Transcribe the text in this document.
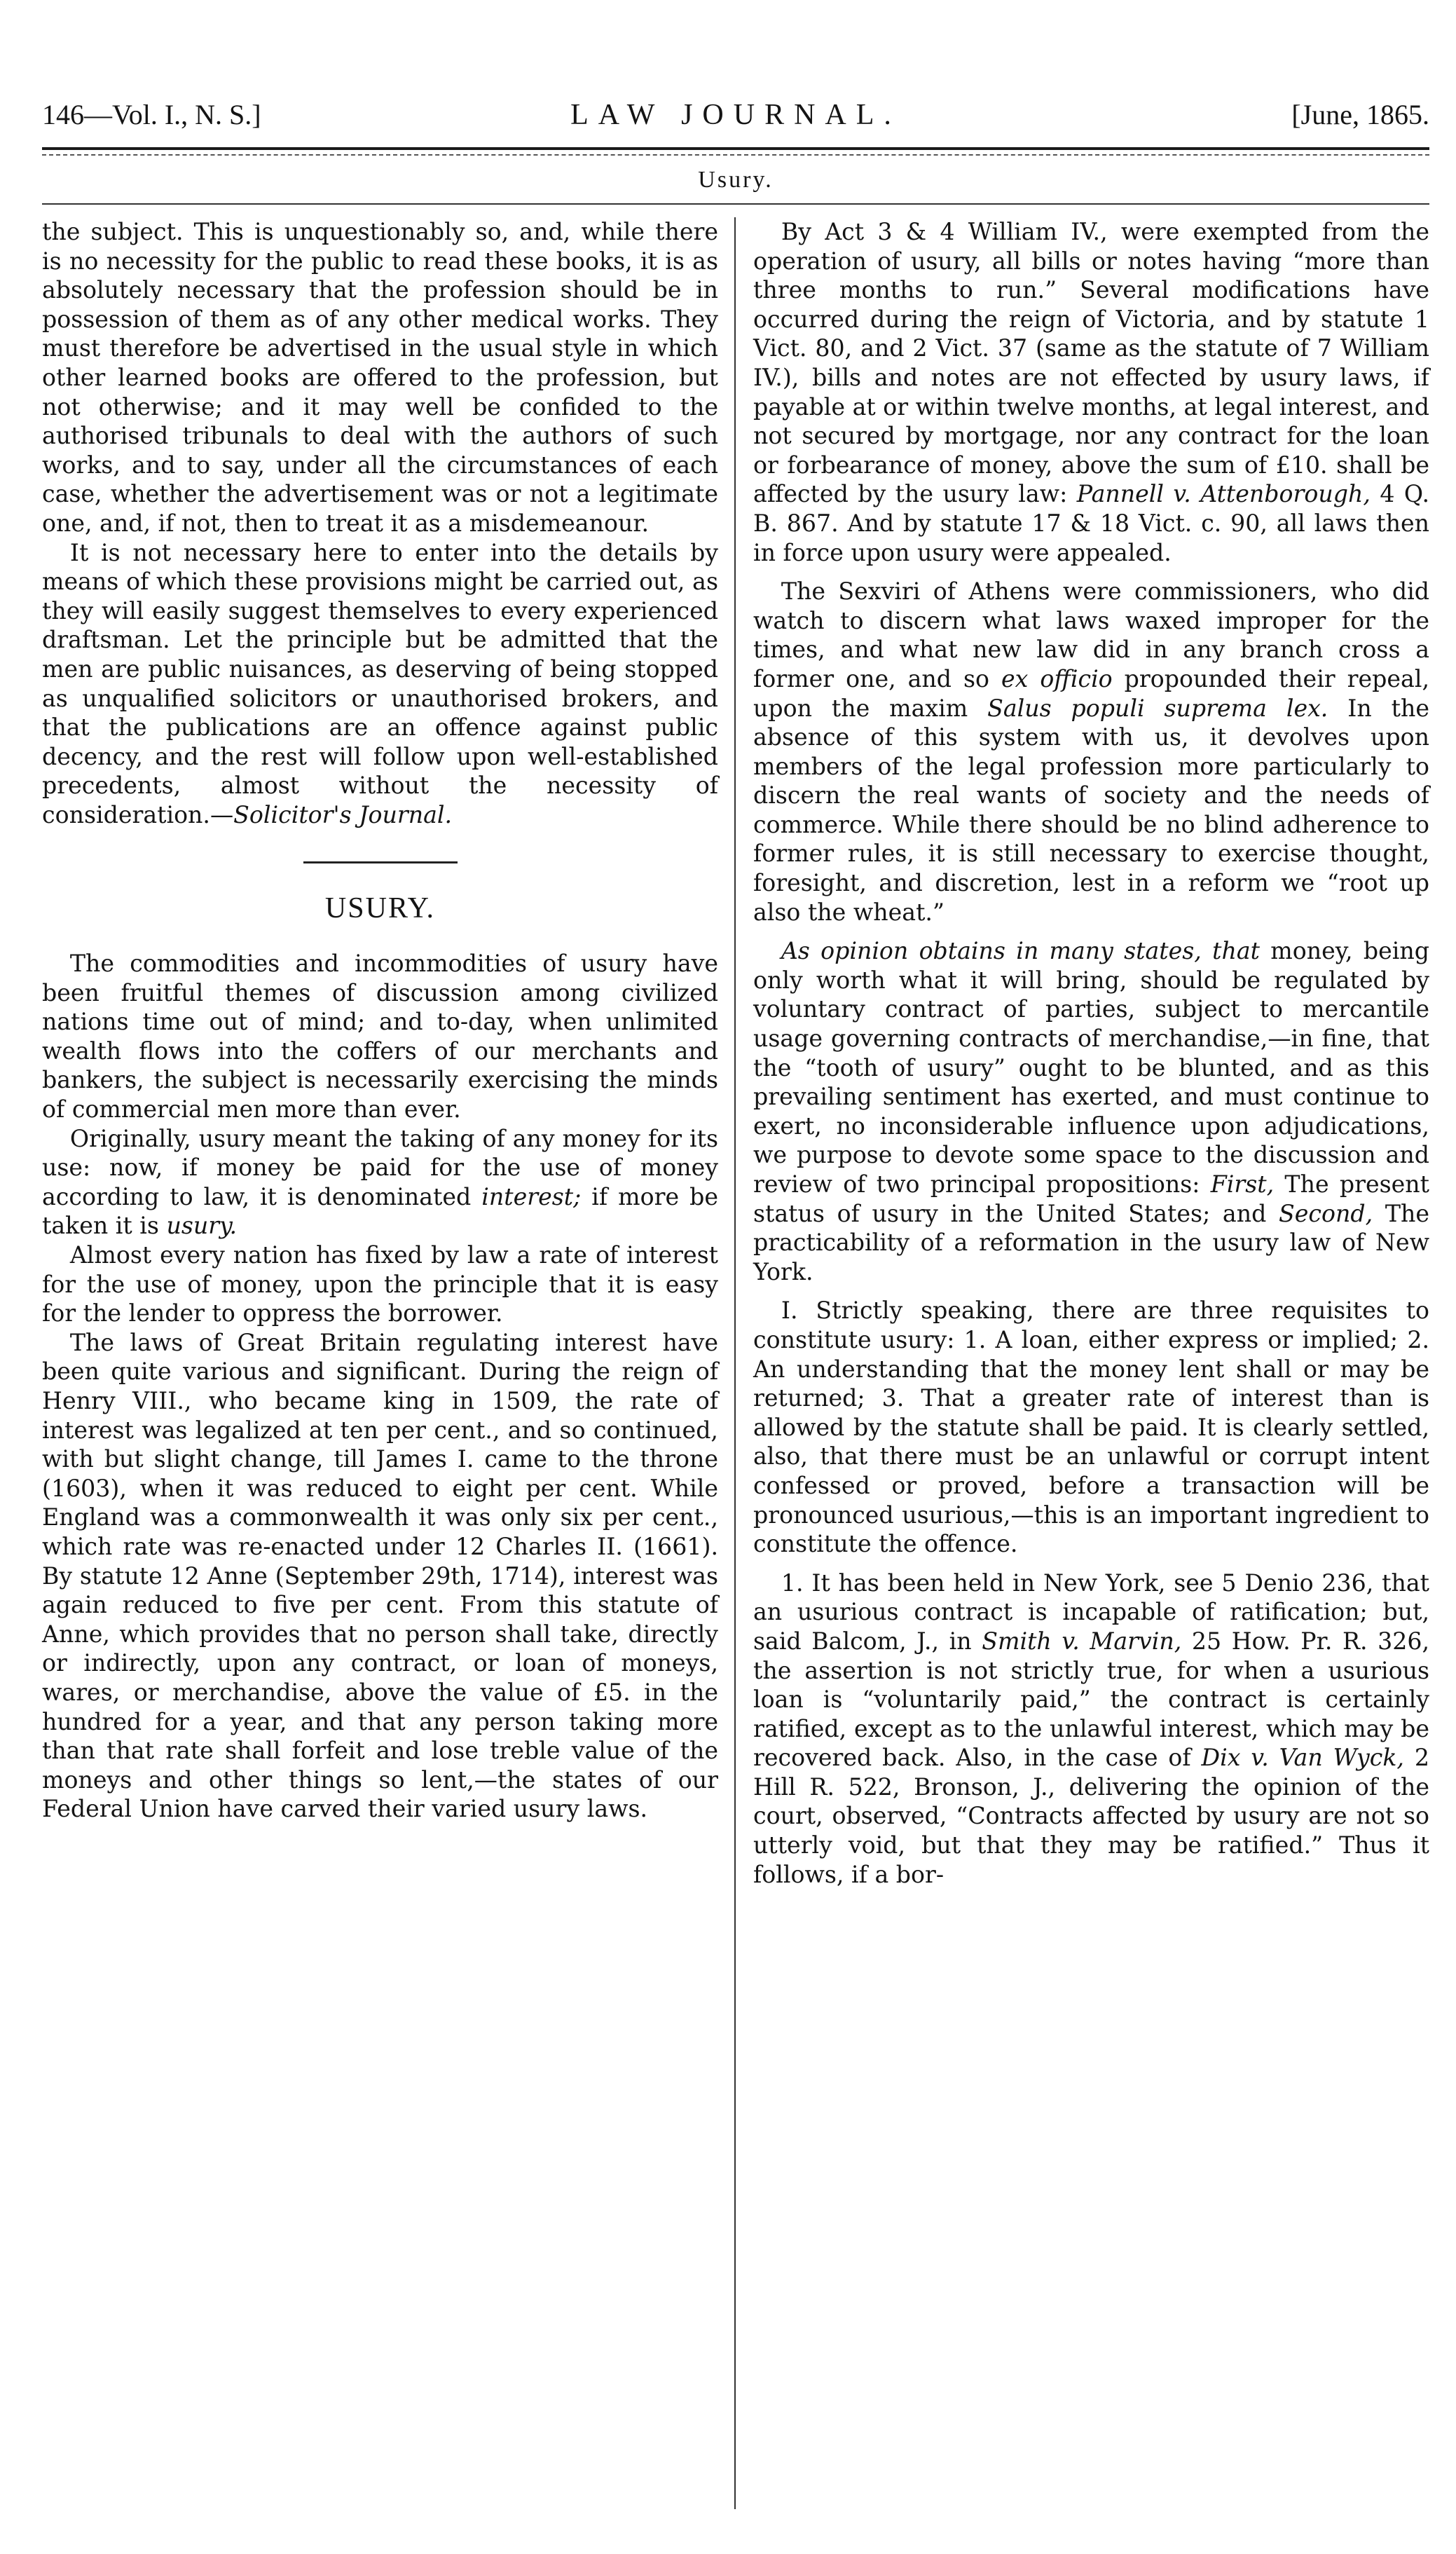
146—Vol. I., N. S.]	LAW JOURNAL.	[June, 1865.
Usury.

the subject. This is unquestionably so, and, while there is no necessity for the public to read these books, it is as absolutely necessary that the profession should be in possession of them as of any other medical works. They must therefore be advertised in the usual style in which other learned books are offered to the profession, but not otherwise; and it may well be confided to the authorised tribunals to deal with the authors of such works, and to say, under all the circumstances of each case, whether the advertisement was or not a legitimate one, and, if not, then to treat it as a misdemeanour.

It is not necessary here to enter into the details by means of which these provisions might be carried out, as they will easily suggest themselves to every experienced draftsman. Let the principle but be admitted that the men are public nuisances, as deserving of being stopped as unqualified solicitors or unauthorised brokers, and that the publications are an offence against public decency, and the rest will follow upon well-established precedents, almost without the necessity of consideration.—Solicitor's Journal.

USURY.

The commodities and incommodities of usury have been fruitful themes of discussion among civilized nations time out of mind; and to-day, when unlimited wealth flows into the coffers of our merchants and bankers, the subject is necessarily exercising the minds of commercial men more than ever.

Originally, usury meant the taking of any money for its use: now, if money be paid for the use of money according to law, it is denominated interest; if more be taken it is usury.

Almost every nation has fixed by law a rate of interest for the use of money, upon the principle that it is easy for the lender to oppress the borrower.

The laws of Great Britain regulating interest have been quite various and significant. During the reign of Henry VIII., who became king in 1509, the rate of interest was legalized at ten per cent., and so continued, with but slight change, till James I. came to the throne (1603), when it was reduced to eight per cent. While England was a commonwealth it was only six per cent., which rate was re-enacted under 12 Charles II. (1661). By statute 12 Anne (September 29th, 1714), interest was again reduced to five per cent. From this statute of Anne, which provides that no person shall take, directly or indirectly, upon any contract, or loan of moneys, wares, or merchandise, above the value of £5. in the hundred for a year, and that any person taking more than that rate shall forfeit and lose treble value of the moneys and other things so lent,—the states of our Federal Union have carved their varied usury laws.

By Act 3 & 4 William IV., were exempted from the operation of usury, all bills or notes having “more than three months to run.” Several modifications have occurred during the reign of Victoria, and by statute 1 Vict. 80, and 2 Vict. 37 (same as the statute of 7 William IV.), bills and notes are not effected by usury laws, if payable at or within twelve months, at legal interest, and not secured by mortgage, nor any contract for the loan or forbearance of money, above the sum of £10. shall be affected by the usury law: Pannell v. Attenborough, 4 Q. B. 867. And by statute 17 & 18 Vict. c. 90, all laws then in force upon usury were appealed.

The Sexviri of Athens were commissioners, who did watch to discern what laws waxed improper for the times, and what new law did in any branch cross a former one, and so ex officio propounded their repeal, upon the maxim Salus populi suprema lex. In the absence of this system with us, it devolves upon members of the legal profession more particularly to discern the real wants of society and the needs of commerce. While there should be no blind adherence to former rules, it is still necessary to exercise thought, foresight, and discretion, lest in a reform we “root up also the wheat.”

As opinion obtains in many states, that money, being only worth what it will bring, should be regulated by voluntary contract of parties, subject to mercantile usage governing contracts of merchandise,—in fine, that the “tooth of usury” ought to be blunted, and as this prevailing sentiment has exerted, and must continue to exert, no inconsiderable influence upon adjudications, we purpose to devote some space to the discussion and review of two principal propositions: First, The present status of usury in the United States; and Second, The practicability of a reformation in the usury law of New York.

I. Strictly speaking, there are three requisites to constitute usury: 1. A loan, either express or implied; 2. An understanding that the money lent shall or may be returned; 3. That a greater rate of interest than is allowed by the statute shall be paid. It is clearly settled, also, that there must be an unlawful or corrupt intent confessed or proved, before a transaction will be pronounced usurious,—this is an important ingredient to constitute the offence.

1. It has been held in New York, see 5 Denio 236, that an usurious contract is incapable of ratification; but, said Balcom, J., in Smith v. Marvin, 25 How. Pr. R. 326, the assertion is not strictly true, for when a usurious loan is “voluntarily paid,” the contract is certainly ratified, except as to the unlawful interest, which may be recovered back. Also, in the case of Dix v. Van Wyck, 2 Hill R. 522, Bronson, J., delivering the opinion of the court, observed, “Contracts affected by usury are not so utterly void, but that they may be ratified.” Thus it follows, if a bor-
